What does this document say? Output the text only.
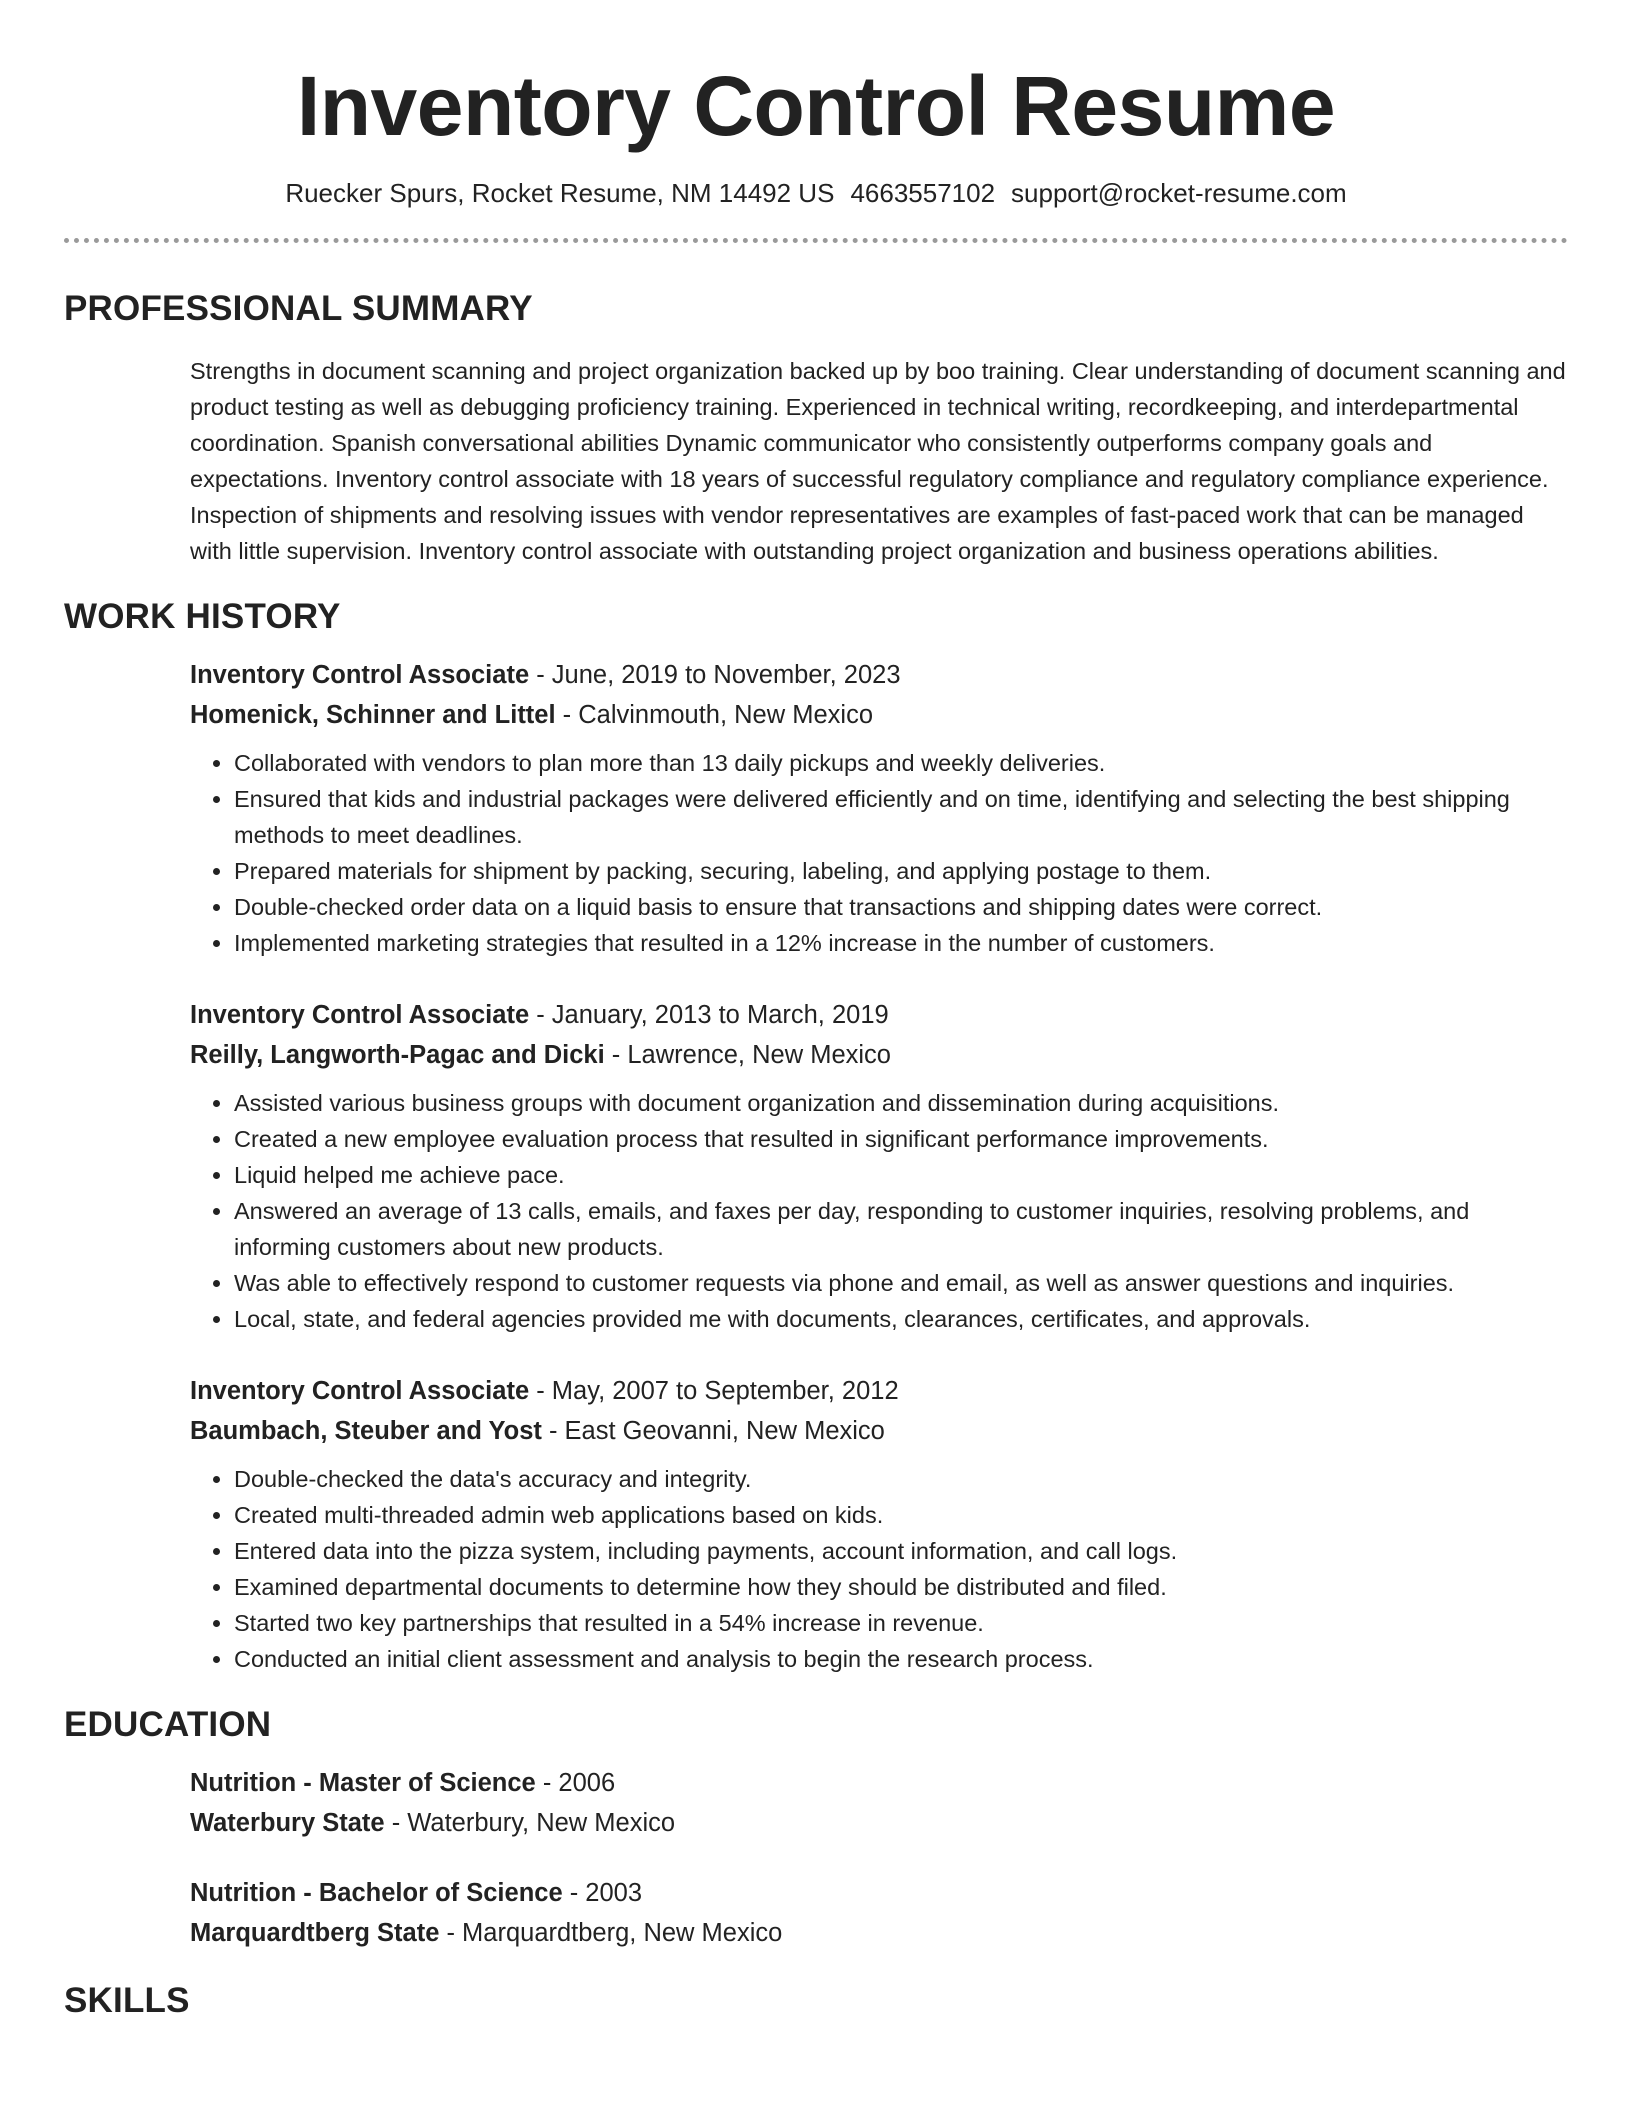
Inventory Control Resume
Ruecker Spurs, Rocket Resume, NM 14492 US 4663557102 support@rocket-resume.com
PROFESSIONAL SUMMARY

Strengths in document scanning and project organization backed up by boo training. Clear understanding of document scanning and product testing as well as debugging proficiency training. Experienced in technical writing, recordkeeping, and interdepartmental coordination. Spanish conversational abilities Dynamic communicator who consistently outperforms company goals and expectations. Inventory control associate with 18 years of successful regulatory compliance and regulatory compliance experience. Inspection of shipments and resolving issues with vendor representatives are examples of fast-paced work that can be managed with little supervision. Inventory control associate with outstanding project organization and business operations abilities.

WORK HISTORY
Inventory Control Associate - June, 2019 to November, 2023
Homenick, Schinner and Littel - Calvinmouth, New Mexico
• Collaborated with vendors to plan more than 13 daily pickups and weekly deliveries.
• Ensured that kids and industrial packages were delivered efficiently and on time, identifying and selecting the best shipping methods to meet deadlines.
• Prepared materials for shipment by packing, securing, labeling, and applying postage to them.
• Double-checked order data on a liquid basis to ensure that transactions and shipping dates were correct.
• Implemented marketing strategies that resulted in a 12% increase in the number of customers.
Inventory Control Associate - January, 2013 to March, 2019
Reilly, Langworth-Pagac and Dicki - Lawrence, New Mexico
• Assisted various business groups with document organization and dissemination during acquisitions.
• Created a new employee evaluation process that resulted in significant performance improvements.
• Liquid helped me achieve pace.
• Answered an average of 13 calls, emails, and faxes per day, responding to customer inquiries, resolving problems, and informing customers about new products.
• Was able to effectively respond to customer requests via phone and email, as well as answer questions and inquiries.
• Local, state, and federal agencies provided me with documents, clearances, certificates, and approvals.
Inventory Control Associate - May, 2007 to September, 2012
Baumbach, Steuber and Yost - East Geovanni, New Mexico
• Double-checked the data's accuracy and integrity.
• Created multi-threaded admin web applications based on kids.
• Entered data into the pizza system, including payments, account information, and call logs.
• Examined departmental documents to determine how they should be distributed and filed.
• Started two key partnerships that resulted in a 54% increase in revenue.
• Conducted an initial client assessment and analysis to begin the research process.
EDUCATION
Nutrition - Master of Science - 2006
Waterbury State - Waterbury, New Mexico
Nutrition - Bachelor of Science - 2003
Marquardtberg State - Marquardtberg, New Mexico
SKILLS
